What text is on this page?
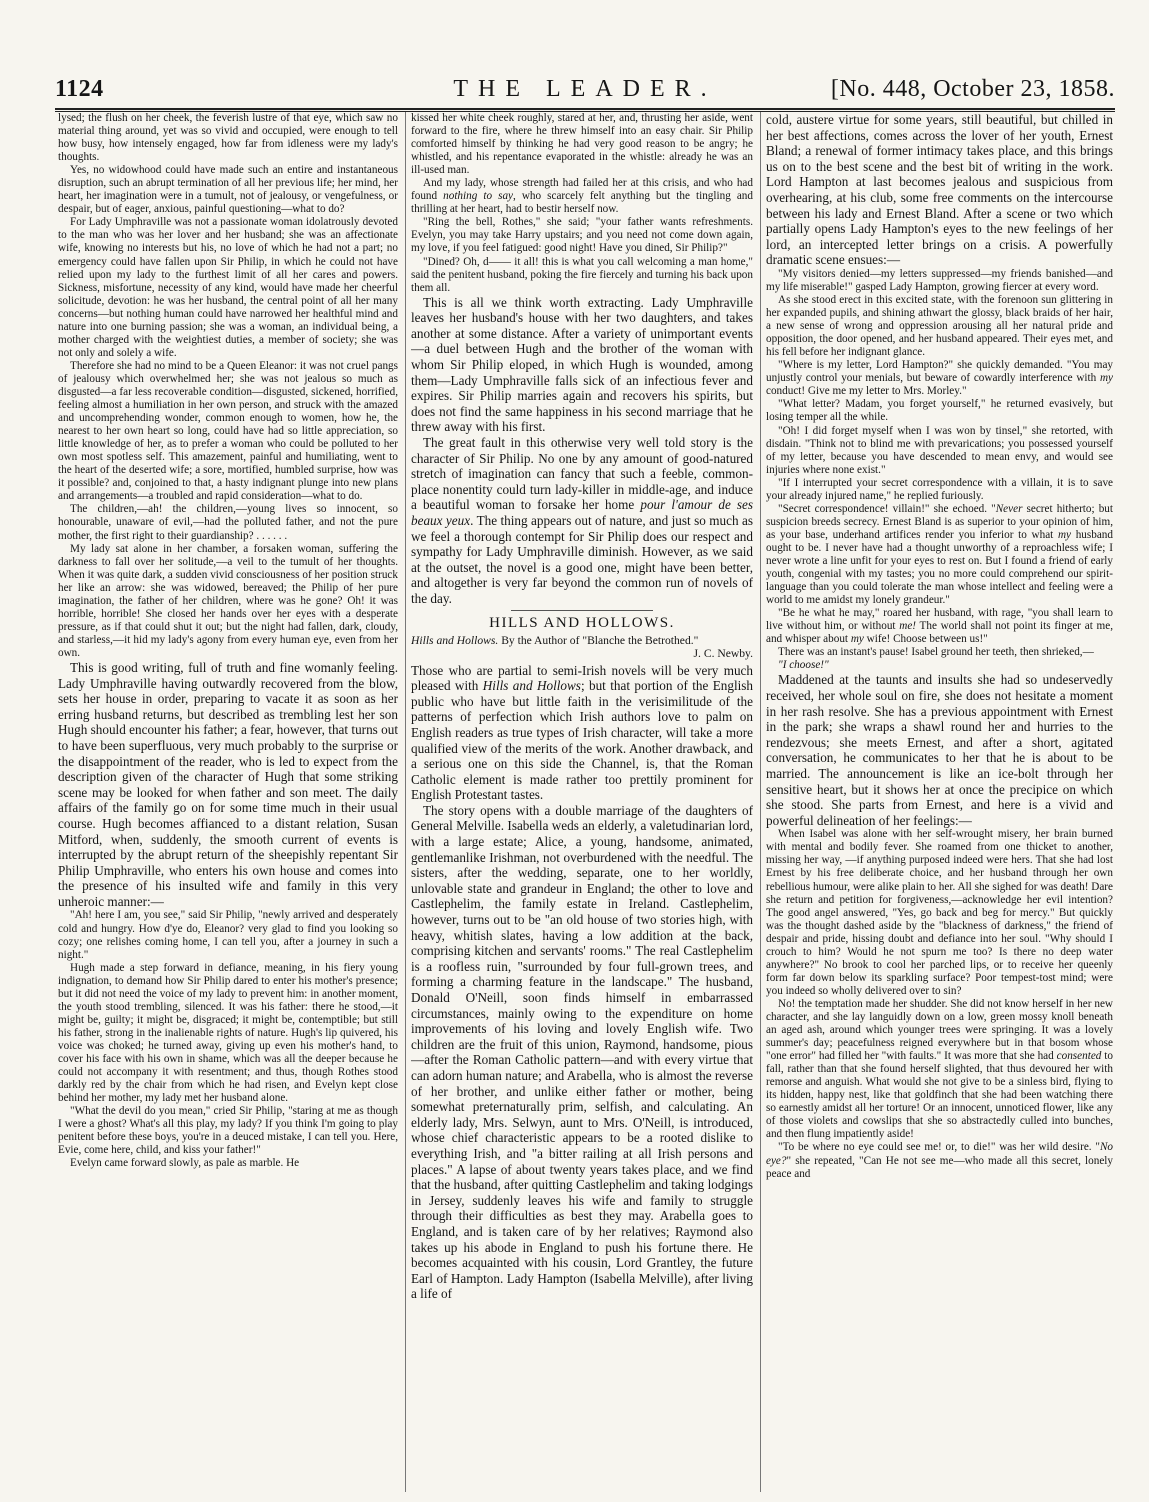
1124	THE LEADER.	[No. 448, October 23, 1858.

lysed; the flush on her cheek, the feverish lustre of that eye, which saw no material thing around, yet was so vivid and occupied, were enough to tell how busy, how intensely engaged, how far from idleness were my lady's thoughts.

Yes, no widowhood could have made such an entire and instantaneous disruption, such an abrupt termination of all her previous life; her mind, her heart, her imagination were in a tumult, not of jealousy, or vengefulness, or despair, but of eager, anxious, painful questioning—what to do?

For Lady Umphraville was not a passionate woman idolatrously devoted to the man who was her lover and her husband; she was an affectionate wife, knowing no interests but his, no love of which he had not a part; no emergency could have fallen upon Sir Philip, in which he could not have relied upon my lady to the furthest limit of all her cares and powers. Sickness, misfortune, necessity of any kind, would have made her cheerful solicitude, devotion: he was her husband, the central point of all her many concerns—but nothing human could have narrowed her healthful mind and nature into one burning passion; she was a woman, an individual being, a mother charged with the weightiest duties, a member of society; she was not only and solely a wife.

Therefore she had no mind to be a Queen Eleanor: it was not cruel pangs of jealousy which overwhelmed her; she was not jealous so much as disgusted—a far less recoverable condition—disgusted, sickened, horrified, feeling almost a humiliation in her own person, and struck with the amazed and uncomprehending wonder, common enough to women, how he, the nearest to her own heart so long, could have had so little appreciation, so little knowledge of her, as to prefer a woman who could be polluted to her own most spotless self. This amazement, painful and humiliating, went to the heart of the deserted wife; a sore, mortified, humbled surprise, how was it possible? and, conjoined to that, a hasty indignant plunge into new plans and arrangements—a troubled and rapid consideration—what to do.

The children,—ah! the children,—young lives so innocent, so honourable, unaware of evil,—had the polluted father, and not the pure mother, the first right to their guardianship? . . . . . .

My lady sat alone in her chamber, a forsaken woman, suffering the darkness to fall over her solitude,—a veil to the tumult of her thoughts. When it was quite dark, a sudden vivid consciousness of her position struck her like an arrow: she was widowed, bereaved; the Philip of her pure imagination, the father of her children, where was he gone? Oh! it was horrible, horrible! She closed her hands over her eyes with a desperate pressure, as if that could shut it out; but the night had fallen, dark, cloudy, and starless,—it hid my lady's agony from every human eye, even from her own.

This is good writing, full of truth and fine womanly feeling. Lady Umphraville having outwardly recovered from the blow, sets her house in order, preparing to vacate it as soon as her erring husband returns, but described as trembling lest her son Hugh should encounter his father; a fear, however, that turns out to have been superfluous, very much probably to the surprise or the disappointment of the reader, who is led to expect from the description given of the character of Hugh that some striking scene may be looked for when father and son meet. The daily affairs of the family go on for some time much in their usual course. Hugh becomes affianced to a distant relation, Susan Mitford, when, suddenly, the smooth current of events is interrupted by the abrupt return of the sheepishly repentant Sir Philip Umphraville, who enters his own house and comes into the presence of his insulted wife and family in this very unheroic manner:—

"Ah! here I am, you see," said Sir Philip, "newly arrived and desperately cold and hungry. How d'ye do, Eleanor? very glad to find you looking so cozy; one relishes coming home, I can tell you, after a journey in such a night."

Hugh made a step forward in defiance, meaning, in his fiery young indignation, to demand how Sir Philip dared to enter his mother's presence; but it did not need the voice of my lady to prevent him: in another moment, the youth stood trembling, silenced. It was his father: there he stood,—it might be, guilty; it might be, disgraced; it might be, contemptible; but still his father, strong in the inalienable rights of nature. Hugh's lip quivered, his voice was choked; he turned away, giving up even his mother's hand, to cover his face with his own in shame, which was all the deeper because he could not accompany it with resentment; and thus, though Rothes stood darkly red by the chair from which he had risen, and Evelyn kept close behind her mother, my lady met her husband alone.

"What the devil do you mean," cried Sir Philip, "staring at me as though I were a ghost? What's all this play, my lady? If you think I'm going to play penitent before these boys, you're in a deuced mistake, I can tell you. Here, Evie, come here, child, and kiss your father!"

Evelyn came forward slowly, as pale as marble. He

kissed her white cheek roughly, stared at her, and, thrusting her aside, went forward to the fire, where he threw himself into an easy chair. Sir Philip comforted himself by thinking he had very good reason to be angry; he whistled, and his repentance evaporated in the whistle: already he was an ill-used man.

And my lady, whose strength had failed her at this crisis, and who had found nothing to say, who scarcely felt anything but the tingling and thrilling at her heart, had to bestir herself now.

"Ring the bell, Rothes," she said; "your father wants refreshments. Evelyn, you may take Harry upstairs; and you need not come down again, my love, if you feel fatigued: good night! Have you dined, Sir Philip?"

"Dined? Oh, d—— it all! this is what you call welcoming a man home," said the penitent husband, poking the fire fiercely and turning his back upon them all.

This is all we think worth extracting. Lady Umphraville leaves her husband's house with her two daughters, and takes another at some distance. After a variety of unimportant events—a duel between Hugh and the brother of the woman with whom Sir Philip eloped, in which Hugh is wounded, among them—Lady Umphraville falls sick of an infectious fever and expires. Sir Philip marries again and recovers his spirits, but does not find the same happiness in his second marriage that he threw away with his first.

The great fault in this otherwise very well told story is the character of Sir Philip. No one by any amount of good-natured stretch of imagination can fancy that such a feeble, common-place nonentity could turn lady-killer in middle-age, and induce a beautiful woman to forsake her home pour l'amour de ses beaux yeux. The thing appears out of nature, and just so much as we feel a thorough contempt for Sir Philip does our respect and sympathy for Lady Umphraville diminish. However, as we said at the outset, the novel is a good one, might have been better, and altogether is very far beyond the common run of novels of the day.

HILLS AND HOLLOWS.

Hills and Hollows. By the Author of "Blanche the Betrothed."

J. C. Newby.

Those who are partial to semi-Irish novels will be very much pleased with Hills and Hollows; but that portion of the English public who have but little faith in the verisimilitude of the patterns of perfection which Irish authors love to palm on English readers as true types of Irish character, will take a more qualified view of the merits of the work. Another drawback, and a serious one on this side the Channel, is, that the Roman Catholic element is made rather too prettily prominent for English Protestant tastes.

The story opens with a double marriage of the daughters of General Melville. Isabella weds an elderly, a valetudinarian lord, with a large estate; Alice, a young, handsome, animated, gentlemanlike Irishman, not overburdened with the needful. The sisters, after the wedding, separate, one to her worldly, unlovable state and grandeur in England; the other to love and Castlephelim, the family estate in Ireland. Castlephelim, however, turns out to be "an old house of two stories high, with heavy, whitish slates, having a low addition at the back, comprising kitchen and servants' rooms." The real Castlephelim is a roofless ruin, "surrounded by four full-grown trees, and forming a charming feature in the landscape." The husband, Donald O'Neill, soon finds himself in embarrassed circumstances, mainly owing to the expenditure on home improvements of his loving and lovely English wife. Two children are the fruit of this union, Raymond, handsome, pious—after the Roman Catholic pattern—and with every virtue that can adorn human nature; and Arabella, who is almost the reverse of her brother, and unlike either father or mother, being somewhat preternaturally prim, selfish, and calculating. An elderly lady, Mrs. Selwyn, aunt to Mrs. O'Neill, is introduced, whose chief characteristic appears to be a rooted dislike to everything Irish, and "a bitter railing at all Irish persons and places." A lapse of about twenty years takes place, and we find that the husband, after quitting Castlephelim and taking lodgings in Jersey, suddenly leaves his wife and family to struggle through their difficulties as best they may. Arabella goes to England, and is taken care of by her relatives; Raymond also takes up his abode in England to push his fortune there. He becomes acquainted with his cousin, Lord Grantley, the future Earl of Hampton. Lady Hampton (Isabella Melville), after living a life of

cold, austere virtue for some years, still beautiful, but chilled in her best affections, comes across the lover of her youth, Ernest Bland; a renewal of former intimacy takes place, and this brings us on to the best scene and the best bit of writing in the work. Lord Hampton at last becomes jealous and suspicious from overhearing, at his club, some free comments on the intercourse between his lady and Ernest Bland. After a scene or two which partially opens Lady Hampton's eyes to the new feelings of her lord, an intercepted letter brings on a crisis. A powerfully dramatic scene ensues:—

"My visitors denied—my letters suppressed—my friends banished—and my life miserable!" gasped Lady Hampton, growing fiercer at every word.

As she stood erect in this excited state, with the forenoon sun glittering in her expanded pupils, and shining athwart the glossy, black braids of her hair, a new sense of wrong and oppression arousing all her natural pride and opposition, the door opened, and her husband appeared. Their eyes met, and his fell before her indignant glance.

"Where is my letter, Lord Hampton?" she quickly demanded. "You may unjustly control your menials, but beware of cowardly interference with my conduct! Give me my letter to Mrs. Morley."

"What letter? Madam, you forget yourself," he returned evasively, but losing temper all the while.

"Oh! I did forget myself when I was won by tinsel," she retorted, with disdain. "Think not to blind me with prevarications; you possessed yourself of my letter, because you have descended to mean envy, and would see injuries where none exist."

"If I interrupted your secret correspondence with a villain, it is to save your already injured name," he replied furiously.

"Secret correspondence! villain!" she echoed. "Never secret hitherto; but suspicion breeds secrecy. Ernest Bland is as superior to your opinion of him, as your base, underhand artifices render you inferior to what my husband ought to be. I never have had a thought unworthy of a reproachless wife; I never wrote a line unfit for your eyes to rest on. But I found a friend of early youth, congenial with my tastes; you no more could comprehend our spirit-language than you could tolerate the man whose intellect and feeling were a world to me amidst my lonely grandeur."

"Be he what he may," roared her husband, with rage, "you shall learn to live without him, or without me! The world shall not point its finger at me, and whisper about my wife! Choose between us!"

There was an instant's pause! Isabel ground her teeth, then shrieked,—

"I choose!"

Maddened at the taunts and insults she had so undeservedly received, her whole soul on fire, she does not hesitate a moment in her rash resolve. She has a previous appointment with Ernest in the park; she wraps a shawl round her and hurries to the rendezvous; she meets Ernest, and after a short, agitated conversation, he communicates to her that he is about to be married. The announcement is like an ice-bolt through her sensitive heart, but it shows her at once the precipice on which she stood. She parts from Ernest, and here is a vivid and powerful delineation of her feelings:—

When Isabel was alone with her self-wrought misery, her brain burned with mental and bodily fever. She roamed from one thicket to another, missing her way, —if anything purposed indeed were hers. That she had lost Ernest by his free deliberate choice, and her husband through her own rebellious humour, were alike plain to her. All she sighed for was death! Dare she return and petition for forgiveness,—acknowledge her evil intention? The good angel answered, "Yes, go back and beg for mercy." But quickly was the thought dashed aside by the "blackness of darkness," the friend of despair and pride, hissing doubt and defiance into her soul. "Why should I crouch to him? Would he not spurn me too? Is there no deep water anywhere?" No brook to cool her parched lips, or to receive her queenly form far down below its sparkling surface? Poor tempest-tost mind; were you indeed so wholly delivered over to sin?

No! the temptation made her shudder. She did not know herself in her new character, and she lay languidly down on a low, green mossy knoll beneath an aged ash, around which younger trees were springing. It was a lovely summer's day; peacefulness reigned everywhere but in that bosom whose "one error" had filled her "with faults." It was more that she had consented to fall, rather than that she found herself slighted, that thus devoured her with remorse and anguish. What would she not give to be a sinless bird, flying to its hidden, happy nest, like that goldfinch that she had been watching there so earnestly amidst all her torture! Or an innocent, unnoticed flower, like any of those violets and cowslips that she so abstractedly culled into bunches, and then flung impatiently aside!

"To be where no eye could see me! or, to die!" was her wild desire. "No eye?" she repeated, "Can He not see me—who made all this secret, lonely peace and
